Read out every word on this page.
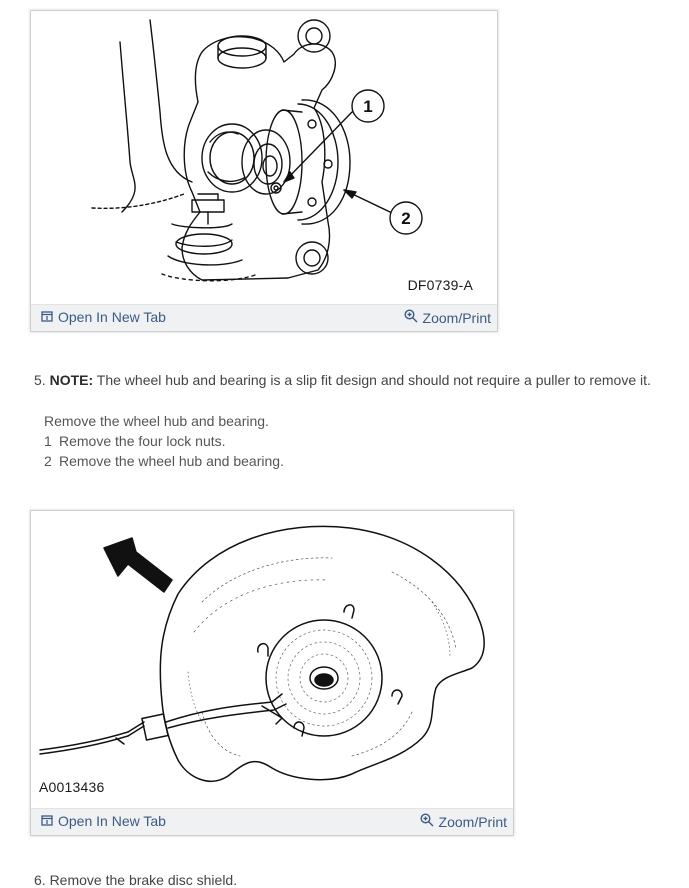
1
2
DF0739-A
Open In New Tab	Zoom/Print
5. NOTE: The wheel hub and bearing is a slip fit design and should not require a puller to remove it.
Remove the wheel hub and bearing.
1 Remove the four lock nuts.
2 Remove the wheel hub and bearing.
A0013436
Open In New Tab	Zoom/Print
6. Remove the brake disc shield.
